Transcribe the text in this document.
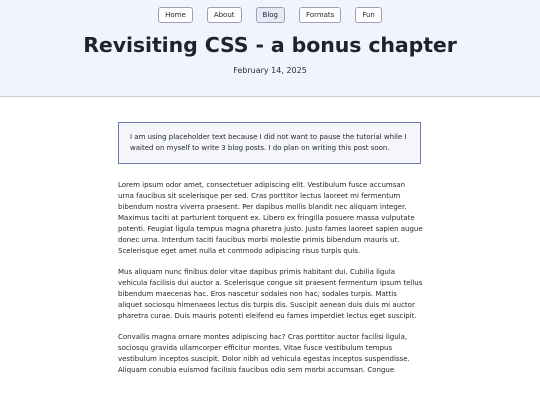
Home	About	Blog	Formats	Fun
Revisiting CSS - a bonus chapter
February 14, 2025
I am using placeholder text because I did not want to pause the tutorial while I waited on myself to write 3 blog posts. I do plan on writing this post soon.

Lorem ipsum odor amet, consectetuer adipiscing elit. Vestibulum fusce accumsan urna faucibus sit scelerisque per sed. Cras porttitor lectus laoreet mi fermentum bibendum nostra viverra praesent. Per dapibus mollis blandit nec aliquam integer. Maximus taciti at parturient torquent ex. Libero ex fringilla posuere massa vulputate potenti. Feugiat ligula tempus magna pharetra justo. Justo fames laoreet sapien augue donec urna. Interdum taciti faucibus morbi molestie primis bibendum mauris ut. Scelerisque eget amet nulla et commodo adipiscing risus turpis quis.

Mus aliquam nunc finibus dolor vitae dapibus primis habitant dui. Cubilia ligula vehicula facilisis dui auctor a. Scelerisque congue sit praesent fermentum ipsum tellus bibendum maecenas hac. Eros nascetur sodales non hac; sodales turpis. Mattis aliquet sociosqu himenaeos lectus dis turpis dis. Suscipit aenean duis duis mi auctor pharetra curae. Duis mauris potenti eleifend eu fames imperdiet lectus eget suscipit.

Convallis magna ornare montes adipiscing hac? Cras porttitor auctor facilisi ligula, sociosqu gravida ullamcorper efficitur montes. Vitae fusce vestibulum tempus vestibulum inceptos suscipit. Dolor nibh ad vehicula egestas inceptos suspendisse. Aliquam conubia euismod facilisis faucibus odio sem morbi accumsan. Congue
